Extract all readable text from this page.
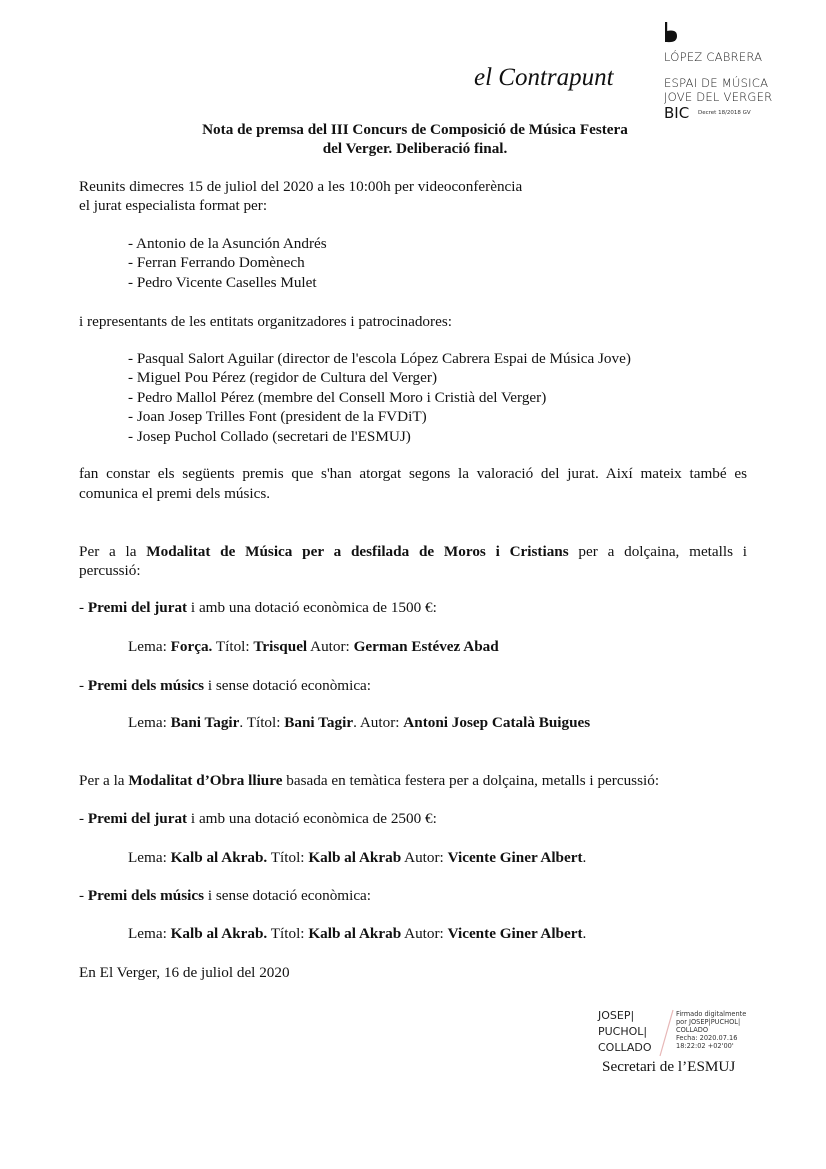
el Contrapunt
LÓPEZ CABRERA
ESPAI DE MÚSICA
JOVE DEL VERGER
BIC Decret 18/2018 GV
Nota de premsa del III Concurs de Composició de Música Festera
del Verger. Deliberació final.
Reunits dimecres 15 de juliol del 2020 a les 10:00h per videoconferència
el jurat especialista format per:
- Antonio de la Asunción Andrés
- Ferran Ferrando Domènech
- Pedro Vicente Caselles Mulet
i representants de les entitats organitzadores i patrocinadores:
- Pasqual Salort Aguilar (director de l'escola López Cabrera Espai de Música Jove)
- Miguel Pou Pérez (regidor de Cultura del Verger)
- Pedro Mallol Pérez (membre del Consell Moro i Cristià del Verger)
- Joan Josep Trilles Font (president de la FVDiT)
- Josep Puchol Collado (secretari de l'ESMUJ)
fan constar els següents premis que s'han atorgat segons la valoració del jurat. Així mateix també es
comunica el premi dels músics.
Per a la Modalitat de Música per a desfilada de Moros i Cristians per a dolçaina, metalls i
percussió:
- Premi del jurat i amb una dotació econòmica de 1500 €:
Lema: Força. Títol: Trisquel Autor: German Estévez Abad
- Premi dels músics i sense dotació econòmica:
Lema: Bani Tagir. Títol: Bani Tagir. Autor: Antoni Josep Català Buigues
Per a la Modalitat d’Obra lliure basada en temàtica festera per a dolçaina, metalls i percussió:
- Premi del jurat i amb una dotació econòmica de 2500 €:
Lema: Kalb al Akrab. Títol: Kalb al Akrab Autor: Vicente Giner Albert.
- Premi dels músics i sense dotació econòmica:
Lema: Kalb al Akrab. Títol: Kalb al Akrab Autor: Vicente Giner Albert.
En El Verger, 16 de juliol del 2020
JOSEP|
PUCHOL|
COLLADO
Firmado digitalmente
por JOSEP|PUCHOL|
COLLADO
Fecha: 2020.07.16
18:22:02 +02'00'
Secretari de l’ESMUJ
